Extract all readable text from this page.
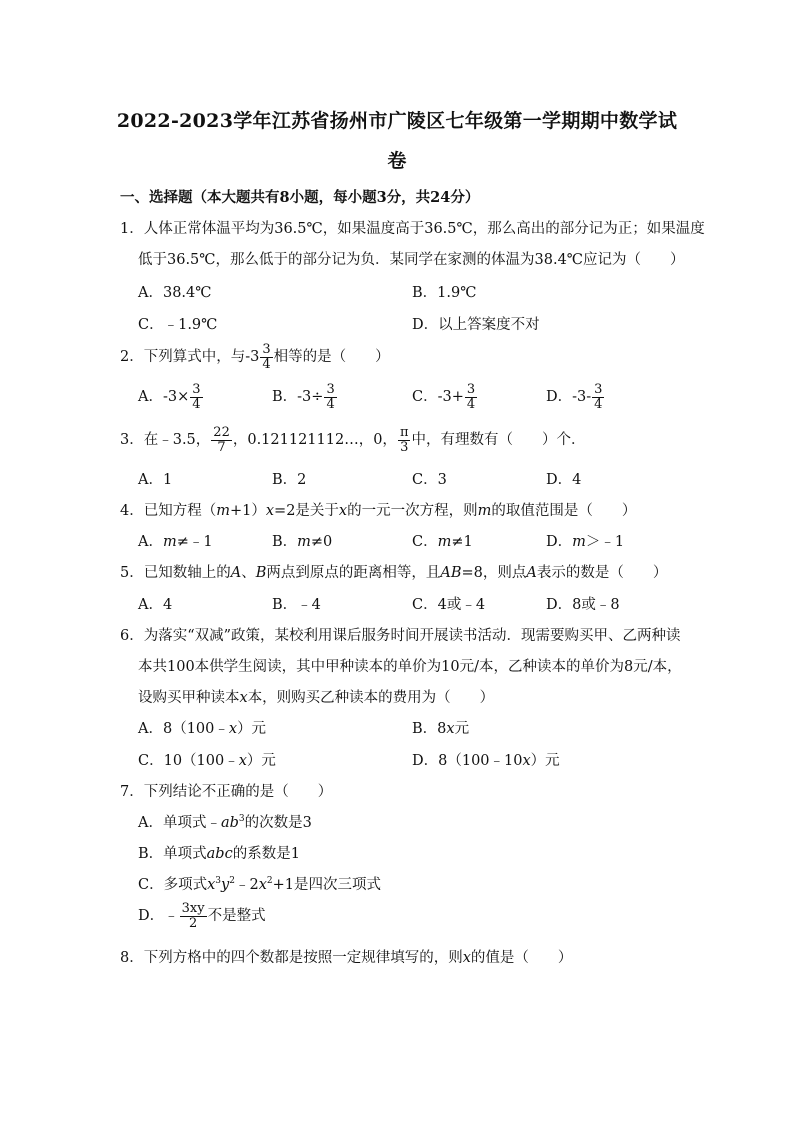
2022-2023学年江苏省扬州市广陵区七年级第一学期期中数学试
卷
一、选择题（本大题共有8小题，每小题3分，共24分）
1．人体正常体温平均为36.5℃，如果温度高于36.5℃，那么高出的部分记为正；如果温度
低于36.5℃，那么低于的部分记为负．某同学在家测的体温为38.4℃应记为（　　）
A．38.4℃	B．1.9℃
C．﹣1.9℃	D．以上答案度不对
2．下列算式中，与$-3 \frac{3}{4}$ 相等的是（　　）
A．$-3\times \frac{3}{4}$	B．$-3\div \frac{3}{4}$	C．$-3+ \frac{3}{4}$	D．$-3- \frac{3}{4}$
3．在﹣3.5， $\frac{22}{7}$ ，0.121121112…，0， $\frac{\pi}{3}$ 中，有理数有（　　）个．
A．1	B．2	C．3	D．4
4．已知方程（m+1）x=2是关于x的一元一次方程，则m的取值范围是（　　）
A．m≠﹣1	B．m≠0	C．m≠1	D．m＞﹣1
5．已知数轴上的A、B两点到原点的距离相等，且AB=8，则点A表示的数是（　　）
A．4	B．﹣4	C．4或﹣4	D．8或﹣8
6．为落实“双减”政策，某校利用课后服务时间开展读书活动．现需要购买甲、乙两种读
本共100本供学生阅读，其中甲种读本的单价为10元/本，乙种读本的单价为8元/本，
设购买甲种读本x本，则购买乙种读本的费用为（　　）
A．8（100﹣x）元	B．8x元
C．10（100﹣x）元	D．8（100﹣10x）元
7．下列结论不正确的是（　　）
A．单项式$﹣ab^3$的次数是3
B．单项式abc的系数是1
C．多项式$x^3y^2﹣2x^2+1$是四次三项式
D．﹣ $\frac{3xy}{2}$ 不是整式
8．下列方格中的四个数都是按照一定规律填写的，则x的值是（　　）
